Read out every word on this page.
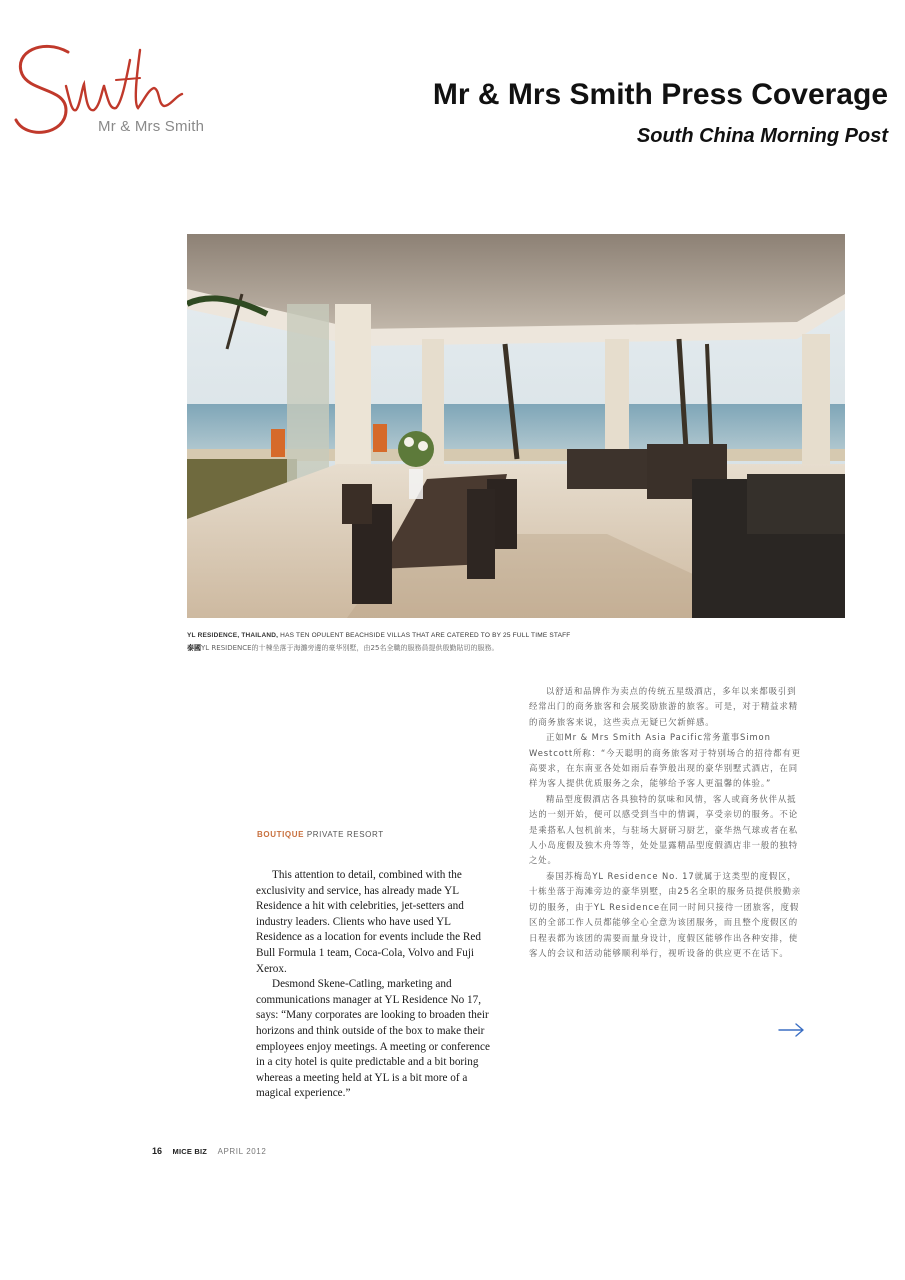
Mr & Mrs Smith
Mr & Mrs Smith Press Coverage
South China Morning Post
YL RESIDENCE, THAILAND, HAS TEN OPULENT BEACHSIDE VILLAS THAT ARE CATERED TO BY 25 FULL TIME STAFF
泰國YL RESIDENCE的十棟坐落于海灘旁邊的豪华別墅，由25名全職的服務員提供殷勤貼切的服務。
BOUTIQUE PRIVATE RESORT

This attention to detail, combined with the exclusivity and service, has already made YL Residence a hit with celebrities, jet-setters and industry leaders. Clients who have used YL Residence as a location for events include the Red Bull Formula 1 team, Coca-Cola, Volvo and Fuji Xerox.

Desmond Skene-Catling, marketing and communications manager at YL Residence No 17, says: “Many corporates are looking to broaden their horizons and think outside of the box to make their employees enjoy meetings. A meeting or conference in a city hotel is quite predictable and a bit boring whereas a meeting held at YL is a bit more of a magical experience.”

以舒适和品牌作为卖点的传统五星级酒店，多年以来都吸引到经常出门的商务旅客和会展奖励旅游的旅客。可是，对于精益求精的商务旅客来说，这些卖点无疑已欠新鲜感。

正如Mr & Mrs Smith Asia Pacific常务董事Simon Westcott所称：“今天聪明的商务旅客对于特别场合的招待都有更高要求，在东南亚各处如雨后春笋般出现的豪华别墅式酒店，在同样为客人提供优质服务之余，能够给予客人更温馨的体验。”

精品型度假酒店各具独特的氛味和风情，客人或商务伙伴从抵达的一刻开始，便可以感受到当中的情调，享受亲切的服务。不论是乘搭私人包机前来，与驻场大厨研习厨艺，豪华热气球或者在私人小岛度假及独木舟等等，处处显露精品型度假酒店非一般的独特之处。

泰国苏梅岛YL Residence No. 17就属于这类型的度假区，十栋坐落于海滩旁边的豪华别墅，由25名全职的服务员提供殷勤亲切的服务，由于YL Residence在同一时间只接待一团旅客，度假区的全部工作人员都能够全心全意为该团服务，而且整个度假区的日程表都为该团的需要而量身设计，度假区能够作出各种安排，使客人的会议和活动能够顺利举行，视听设备的供应更不在话下。

16 MICE BIZ APRIL 2012
